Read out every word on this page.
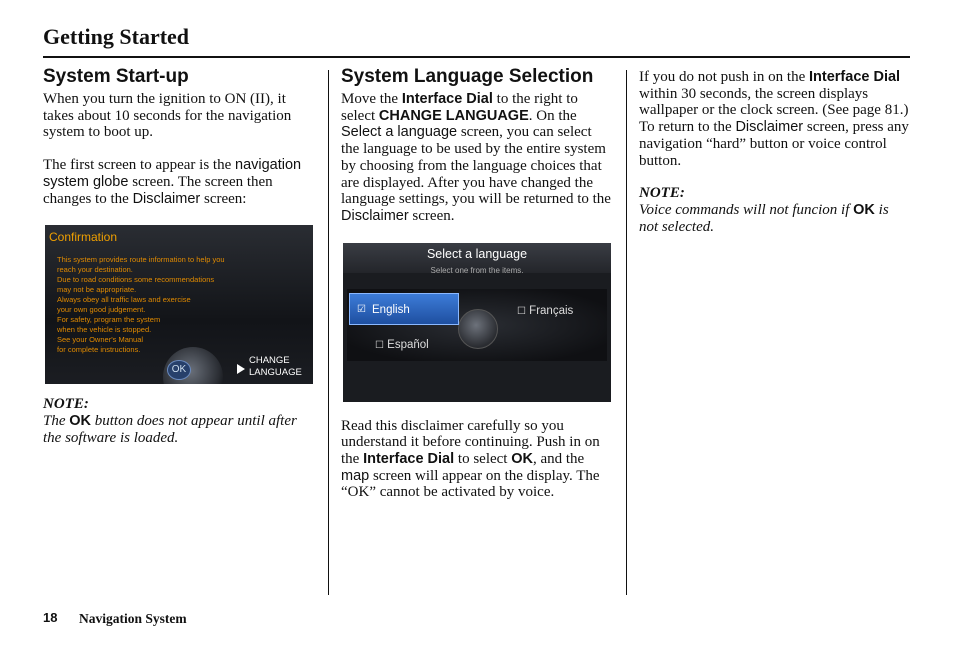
Getting Started
System Start-up

When you turn the ignition to ON (II), it takes about 10 seconds for the navigation system to boot up.

The first screen to appear is the navigation system globe screen. The screen then changes to the Disclaimer screen:

Confirmation
This system provides route information to help you
reach your destination.
Due to road conditions some recommendations
may not be appropriate.
Always obey all traffic laws and exercise
your own good judgement.
For safety, program the system
when the vehicle is stopped.
See your Owner's Manual
for complete instructions.
OK
CHANGE
LANGUAGE

NOTE:

The OK button does not appear until after the software is loaded.

System Language Selection

Move the Interface Dial to the right to select CHANGE LANGUAGE. On the Select a language screen, you can select the language to be used by the entire system by choosing from the language choices that are displayed. After you have changed the language settings, you will be returned to the Disclaimer screen.

Select a language
Select one from the items.
☑ English	☐ Français
☐ Español

Read this disclaimer carefully so you understand it before continuing. Push in on the Interface Dial to select OK, and the map screen will appear on the display. The “OK” cannot be activated by voice.

If you do not push in on the Interface Dial within 30 seconds, the screen displays wallpaper or the clock screen. (See page 81.) To return to the Disclaimer screen, press any navigation “hard” button or voice control button.

NOTE:

Voice commands will not funcion if OK is not selected.

18 Navigation System
